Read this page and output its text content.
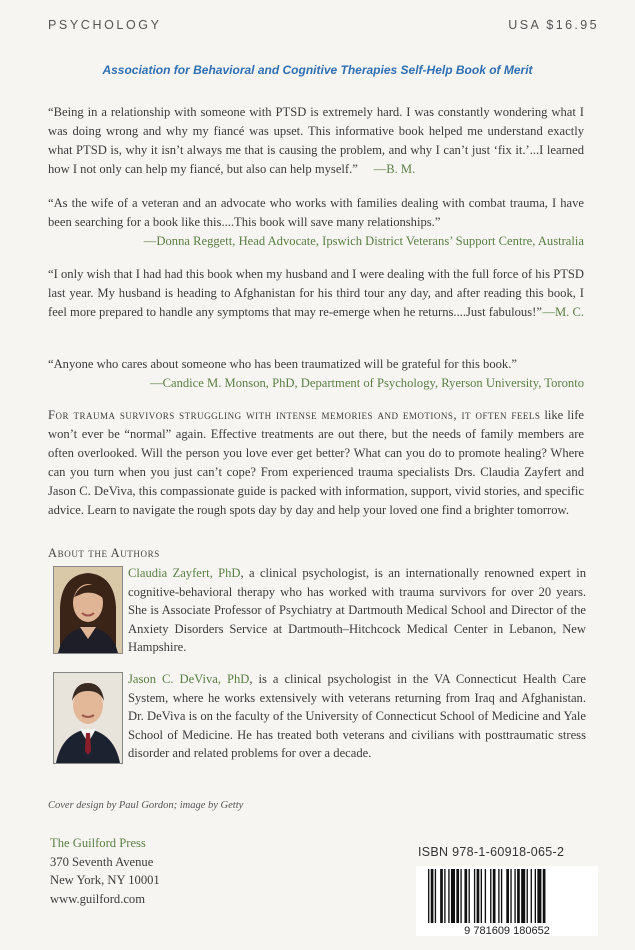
PSYCHOLOGY	USA $16.95
Association for Behavioral and Cognitive Therapies Self-Help Book of Merit

“Being in a relationship with someone with PTSD is extremely hard. I was constantly wondering what I was doing wrong and why my fiancé was upset. This informative book helped me understand exactly what PTSD is, why it isn’t always me that is causing the problem, and why I can’t just ‘fix it.’...I learned how I not only can help my fiancé, but also can help myself.” —B. M.

“As the wife of a veteran and an advocate who works with families dealing with combat trauma, I have been searching for a book like this....This book will save many relationships.”

—Donna Reggett, Head Advocate, Ipswich District Veterans’ Support Centre, Australia

“I only wish that I had had this book when my husband and I were dealing with the full force of his PTSD last year. My husband is heading to Afghanistan for his third tour any day, and after reading this book, I feel more prepared to handle any symptoms that may re-emerge when he returns....Just fabulous!” —M. C.

“Anyone who cares about someone who has been traumatized will be grateful for this book.”

—Candice M. Monson, PhD, Department of Psychology, Ryerson University, Toronto
For trauma survivors struggling with intense memories and emotions, it often feels like life won’t ever be “normal” again. Effective treatments are out there, but the needs of family members are often overlooked. Will the person you love ever get better? What can you do to promote healing? Where can you turn when you just can’t cope? From experienced trauma specialists Drs. Claudia Zayfert and Jason C. DeViva, this compassionate guide is packed with information, support, vivid stories, and specific advice. Learn to navigate the rough spots day by day and help your loved one find a brighter tomorrow.
About the Authors
Claudia Zayfert, PhD, a clinical psychologist, is an internationally renowned expert in cognitive-behavioral therapy who has worked with trauma survivors for over 20 years. She is Associate Professor of Psychiatry at Dartmouth Medical School and Director of the Anxiety Disorders Service at Dartmouth–Hitchcock Medical Center in Lebanon, New Hampshire.
Jason C. DeViva, PhD, is a clinical psychologist in the VA Connecticut Health Care System, where he works extensively with veterans returning from Iraq and Afghanistan. Dr. DeViva is on the faculty of the University of Connecticut School of Medicine and Yale School of Medicine. He has treated both veterans and civilians with posttraumatic stress disorder and related problems for over a decade.
Cover design by Paul Gordon; image by Getty
The Guilford Press
370 Seventh Avenue
New York, NY 10001
www.guilford.com
ISBN 978-1-60918-065-2
9 781609 180652
